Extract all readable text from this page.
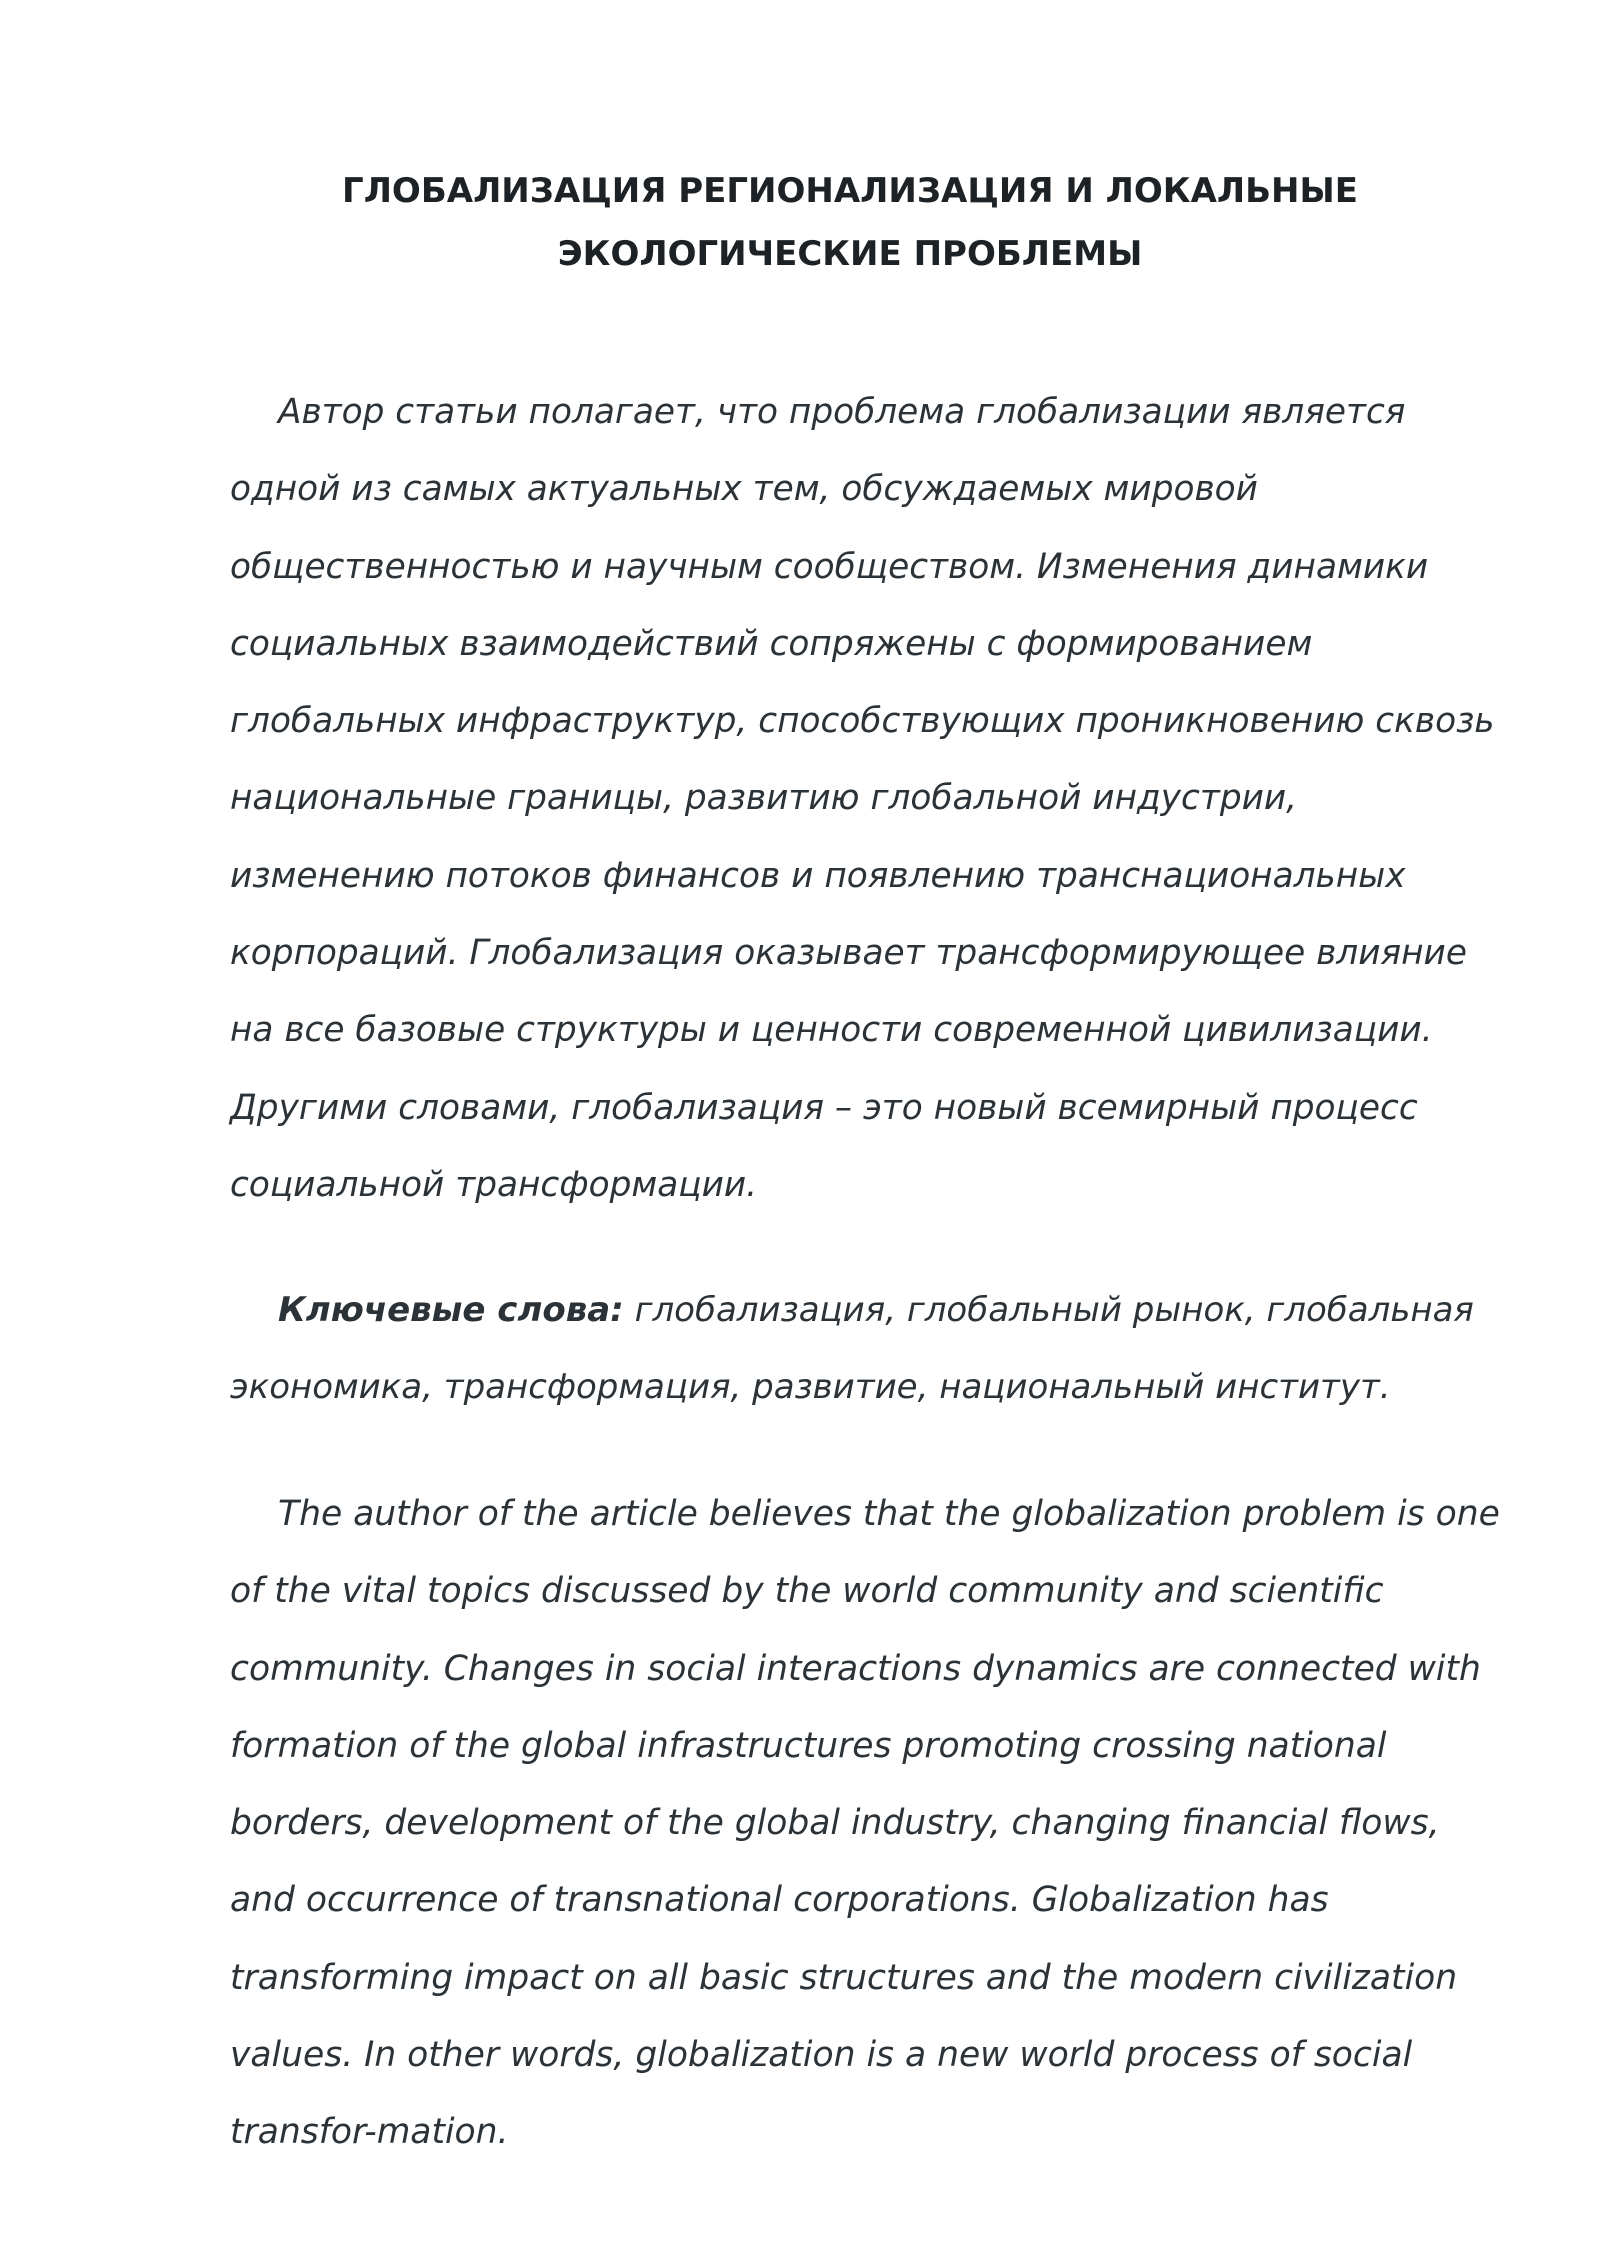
ГЛОБАЛИЗАЦИЯ РЕГИОНАЛИЗАЦИЯ И ЛОКАЛЬНЫЕ
ЭКОЛОГИЧЕСКИЕ ПРОБЛЕМЫ

Автор статьи полагает, что проблема глобализации является одной из самых актуальных тем, обсуждаемых мировой общественностью и научным сообществом. Изменения динамики социальных взаимодействий сопряжены с формированием глобальных инфраструктур, способствующих проникновению сквозь национальные границы, развитию глобальной индустрии, изменению потоков финансов и появлению транснациональных корпораций. Глобализация оказывает трансформирующее влияние на все базовые структуры и ценности современной цивилизации. Другими словами, глобализация – это новый всемирный процесс социальной трансформации.

Ключевые слова: глобализация, глобальный рынок, глобальная экономика, трансформация, развитие, национальный институт.

The author of the article believes that the globalization problem is one of the vital topics discussed by the world community and scientific community. Changes in social interactions dynamics are connected with formation of the global infrastructures promoting crossing national borders, development of the global industry, changing financial flows, and occurrence of transnational corporations. Globalization has transforming impact on all basic structures and the modern civilization values. In other words, globalization is a new world process of social transfor-mation.
